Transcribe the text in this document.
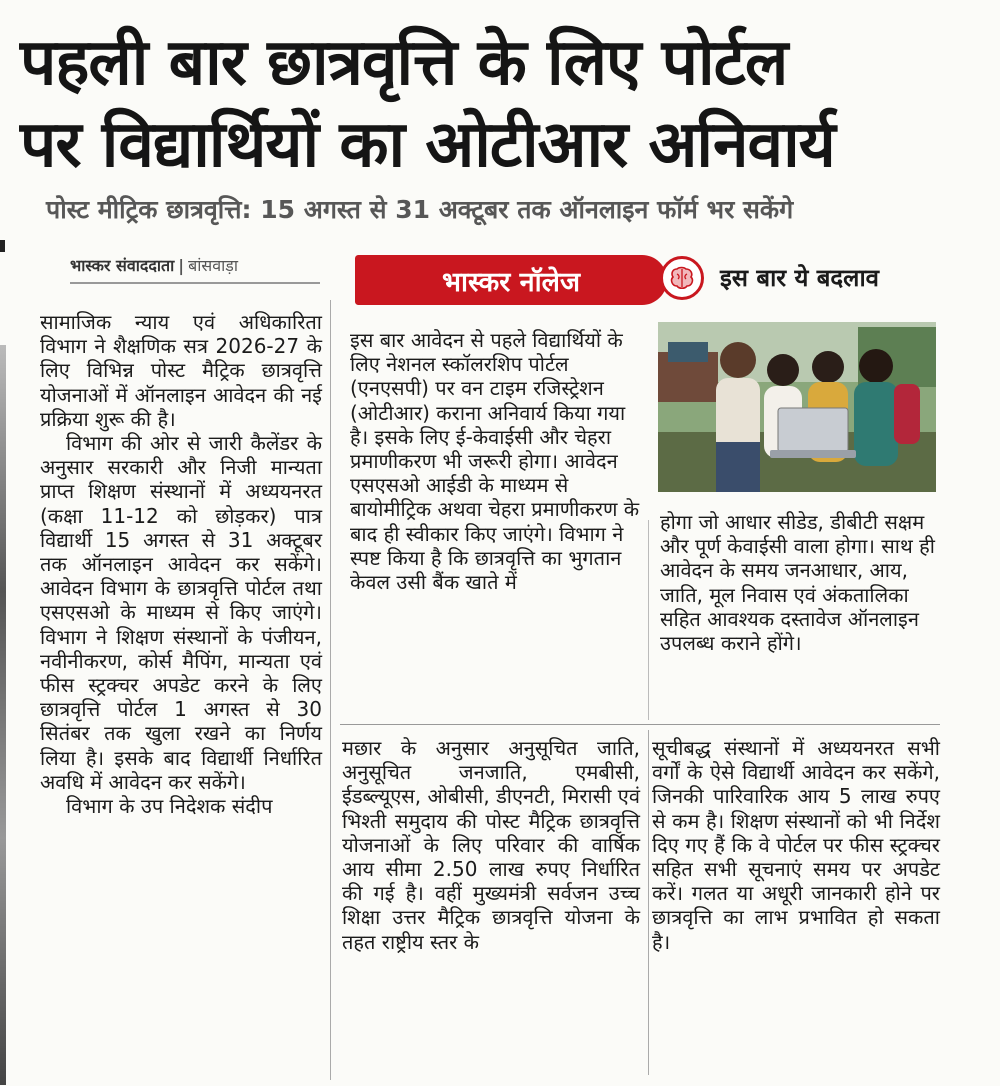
पहली बार छात्रवृत्ति के लिए पोर्टल
पर विद्यार्थियों का ओटीआर अनिवार्य
पोस्ट मीट्रिक छात्रवृत्ति: 15 अगस्त से 31 अक्टूबर तक ऑनलाइन फॉर्म भर सकेंगे
भास्कर संवाददाता | बांसवाड़ा

सामाजिक न्याय एवं अधिकारिता विभाग ने शैक्षणिक सत्र 2026-27 के लिए विभिन्न पोस्ट मैट्रिक छात्रवृत्ति योजनाओं में ऑनलाइन आवेदन की नई प्रक्रिया शुरू की है।

विभाग की ओर से जारी कैलेंडर के अनुसार सरकारी और निजी मान्यता प्राप्त शिक्षण संस्थानों में अध्ययनरत (कक्षा 11-12 को छोड़कर) पात्र विद्यार्थी 15 अगस्त से 31 अक्टूबर तक ऑनलाइन आवेदन कर सकेंगे। आवेदन विभाग के छात्रवृत्ति पोर्टल तथा एसएसओ के माध्यम से किए जाएंगे। विभाग ने शिक्षण संस्थानों के पंजीयन, नवीनीकरण, कोर्स मैपिंग, मान्यता एवं फीस स्ट्रक्चर अपडेट करने के लिए छात्रवृत्ति पोर्टल 1 अगस्त से 30 सितंबर तक खुला रखने का निर्णय लिया है। इसके बाद विद्यार्थी निर्धारित अवधि में आवेदन कर सकेंगे।

विभाग के उप निदेशक संदीप

भास्कर नॉलेज	इस बार ये बदलाव

इस बार आवेदन से पहले विद्यार्थियों के लिए नेशनल स्कॉलरशिप पोर्टल (एनएसपी) पर वन टाइम रजिस्ट्रेशन (ओटीआर) कराना अनिवार्य किया गया है। इसके लिए ई-केवाईसी और चेहरा प्रमाणीकरण भी जरूरी होगा। आवेदन एसएसओ आईडी के माध्यम से बायोमीट्रिक अथवा चेहरा प्रमाणीकरण के बाद ही स्वीकार किए जाएंगे। विभाग ने स्पष्ट किया है कि छात्रवृत्ति का भुगतान केवल उसी बैंक खाते में

होगा जो आधार सीडेड, डीबीटी सक्षम और पूर्ण केवाईसी वाला होगा। साथ ही आवेदन के समय जनआधार, आय, जाति, मूल निवास एवं अंकतालिका सहित आवश्यक दस्तावेज ऑनलाइन उपलब्ध कराने होंगे।

मछार के अनुसार अनुसूचित जाति, अनुसूचित जनजाति, एमबीसी, ईडब्ल्यूएस, ओबीसी, डीएनटी, मिरासी एवं भिश्ती समुदाय की पोस्ट मैट्रिक छात्रवृत्ति योजनाओं के लिए परिवार की वार्षिक आय सीमा 2.50 लाख रुपए निर्धारित की गई है। वहीं मुख्यमंत्री सर्वजन उच्च शिक्षा उत्तर मैट्रिक छात्रवृत्ति योजना के तहत राष्ट्रीय स्तर के

सूचीबद्ध संस्थानों में अध्ययनरत सभी वर्गों के ऐसे विद्यार्थी आवेदन कर सकेंगे, जिनकी पारिवारिक आय 5 लाख रुपए से कम है। शिक्षण संस्थानों को भी निर्देश दिए गए हैं कि वे पोर्टल पर फीस स्ट्रक्चर सहित सभी सूचनाएं समय पर अपडेट करें। गलत या अधूरी जानकारी होने पर छात्रवृत्ति का लाभ प्रभावित हो सकता है।
